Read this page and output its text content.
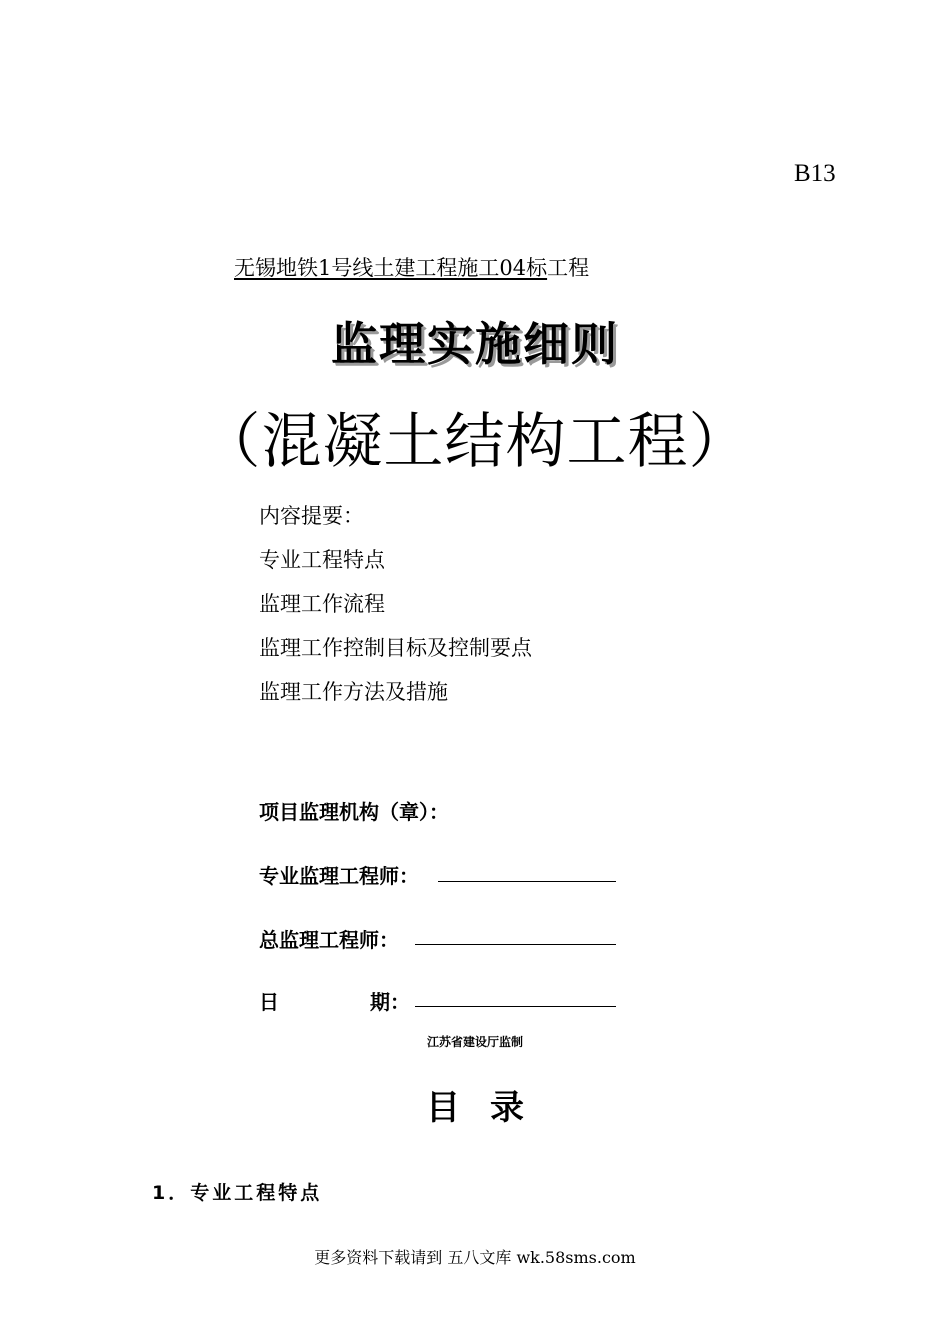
B13
无锡地铁1号线土建工程施工04标工程
监理实施细则
（混凝土结构工程）
内容提要：
专业工程特点
监理工作流程
监理工作控制目标及控制要点
监理工作方法及措施
项目监理机构（章）：
专业监理工程师：
总监理工程师：
日	期：
江苏省建设厅监制
目录
1．专业工程特点
更多资料下载请到 五八文库 wk.58sms.com
